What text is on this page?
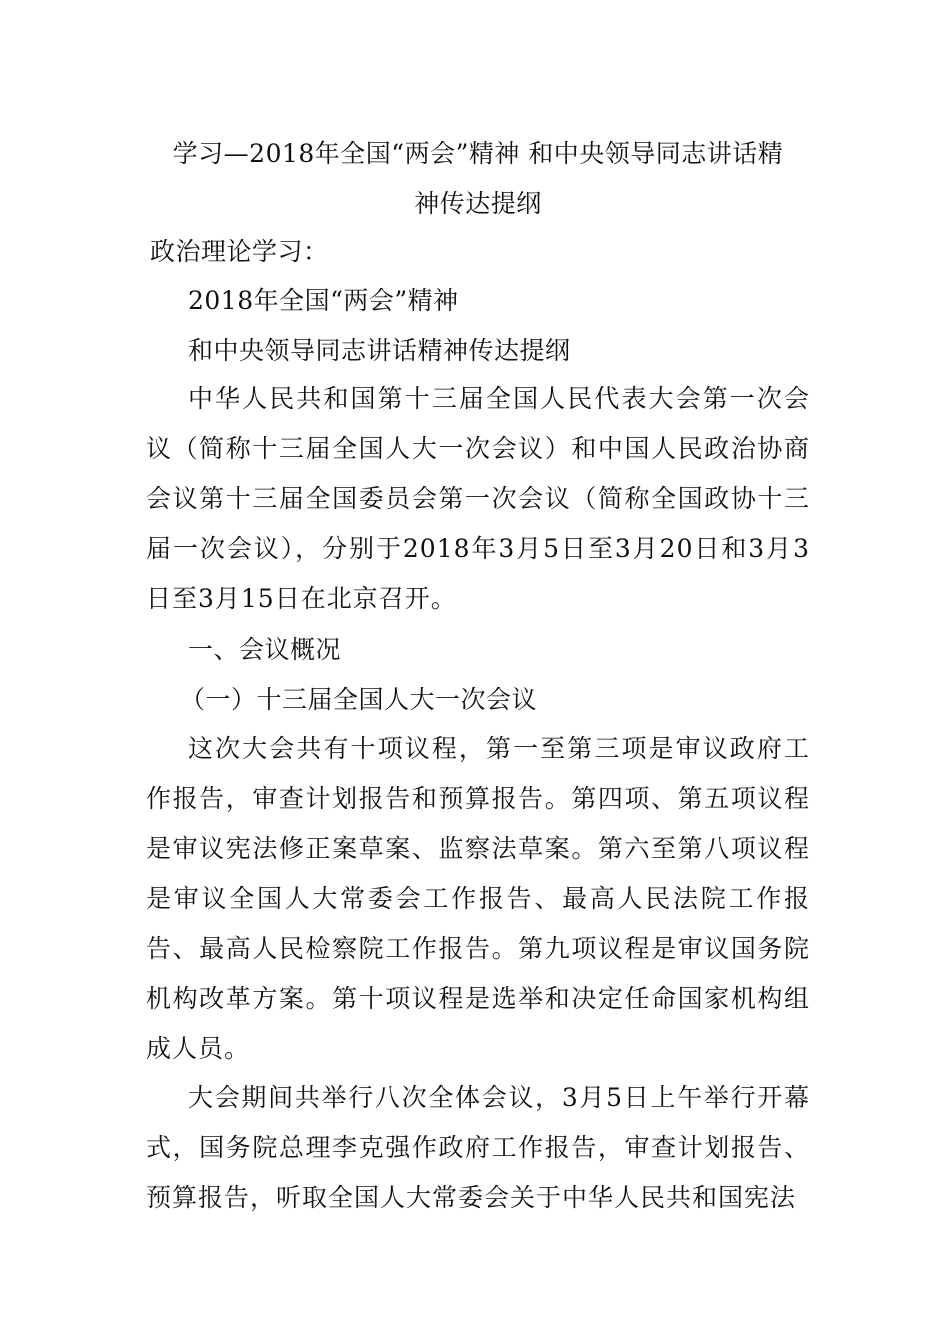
学习—2018年全国“两会”精神 和中央领导同志讲话精
神传达提纲
政治理论学习：
2018年全国“两会”精神
和中央领导同志讲话精神传达提纲
中华人民共和国第十三届全国人民代表大会第一次会议（简称十三届全国人大一次会议）和中国人民政治协商会议第十三届全国委员会第一次会议（简称全国政协十三届一次会议），分别于2018年3月5日至3月20日和3月3日至3月15日在北京召开。
一、会议概况
（一）十三届全国人大一次会议
这次大会共有十项议程，第一至第三项是审议政府工作报告，审查计划报告和预算报告。第四项、第五项议程是审议宪法修正案草案、监察法草案。第六至第八项议程是审议全国人大常委会工作报告、最高人民法院工作报告、最高人民检察院工作报告。第九项议程是审议国务院机构改革方案。第十项议程是选举和决定任命国家机构组成人员。
大会期间共举行八次全体会议，3月5日上午举行开幕式，国务院总理李克强作政府工作报告，审查计划报告、预算报告，听取全国人大常委会关于中华人民共和国宪法
